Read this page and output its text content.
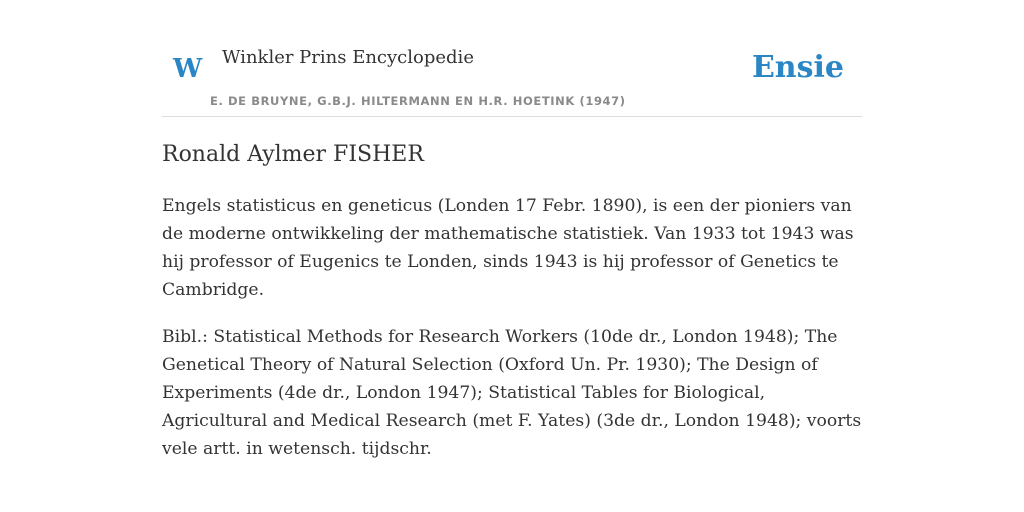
W Winkler Prins Encyclopedie
E. DE BRUYNE, G.B.J. HILTERMANN EN H.R. HOETINK (1947)
Ensie
Ronald Aylmer FISHER

Engels statisticus en geneticus (Londen 17 Febr. 1890), is een der pioniers van de moderne ontwikkeling der mathematische statistiek. Van 1933 tot 1943 was hij professor of Eugenics te Londen, sinds 1943 is hij professor of Genetics te Cambridge.

Bibl.: Statistical Methods for Research Workers (10de dr., London 1948); The Genetical Theory of Natural Selection (Oxford Un. Pr. 1930); The Design of Experiments (4de dr., London 1947); Statistical Tables for Biological, Agricultural and Medical Research (met F. Yates) (3de dr., London 1948); voorts vele artt. in wetensch. tijdschr.
